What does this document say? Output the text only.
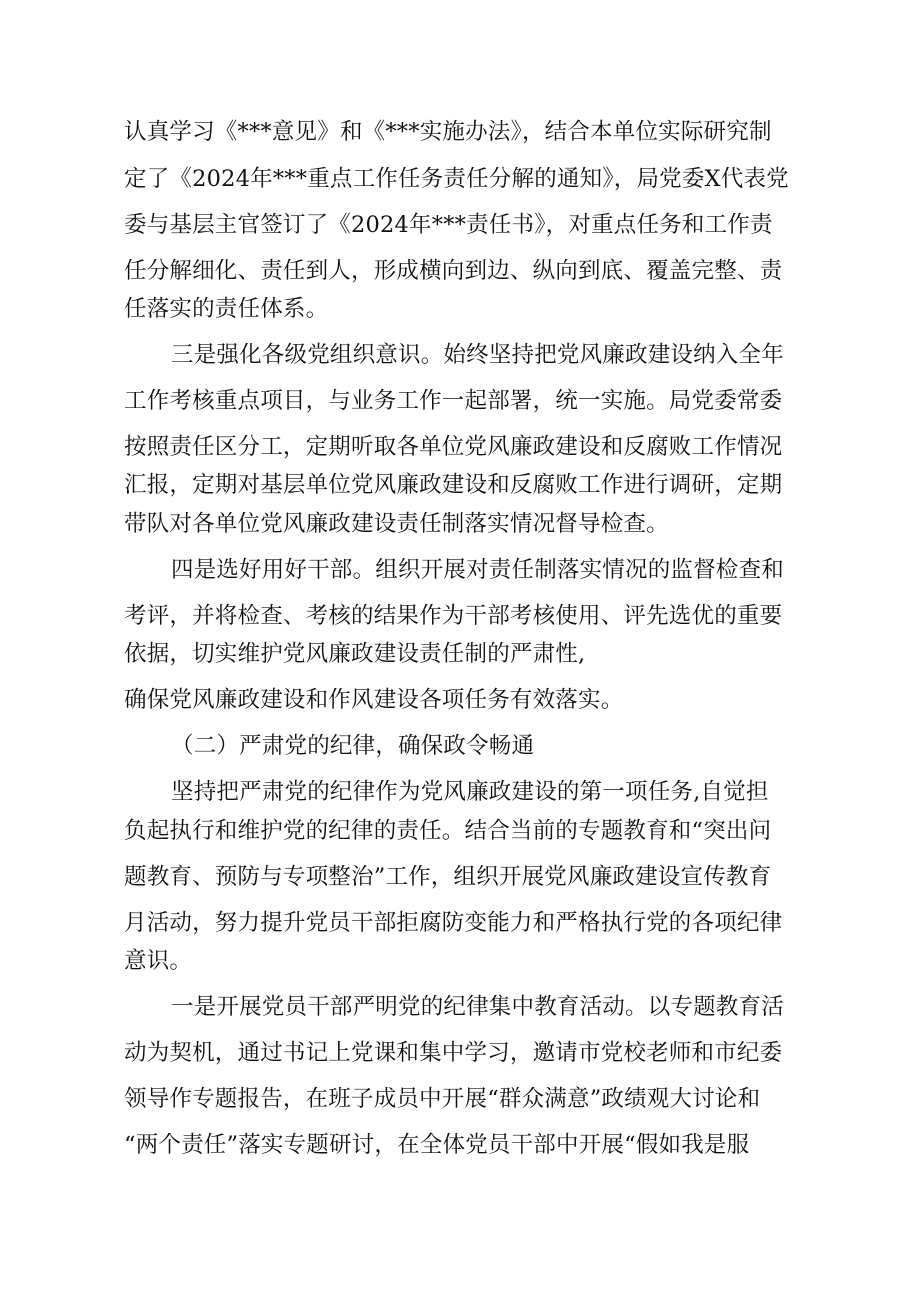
认真学习《***意见》和《***实施办法》，结合本单位实际研究制
定了《2024年***重点工作任务责任分解的通知》，局党委X代表党
委与基层主官签订了《2024年***责任书》，对重点任务和工作责
任分解细化、责任到人，形成横向到边、纵向到底、覆盖完整、责
任落实的责任体系。
三是强化各级党组织意识。始终坚持把党风廉政建设纳入全年
工作考核重点项目，与业务工作一起部署，统一实施。局党委常委
按照责任区分工，定期听取各单位党风廉政建设和反腐败工作情况
汇报，定期对基层单位党风廉政建设和反腐败工作进行调研，定期
带队对各单位党风廉政建设责任制落实情况督导检查。
四是选好用好干部。组织开展对责任制落实情况的监督检查和
考评，并将检查、考核的结果作为干部考核使用、评先选优的重要
依据，切实维护党风廉政建设责任制的严肃性,
确保党风廉政建设和作风建设各项任务有效落实。
（二）严肃党的纪律，确保政令畅通
坚持把严肃党的纪律作为党风廉政建设的第一项任务,自觉担
负起执行和维护党的纪律的责任。结合当前的专题教育和“突出问
题教育、预防与专项整治”工作，组织开展党风廉政建设宣传教育
月活动，努力提升党员干部拒腐防变能力和严格执行党的各项纪律
意识。
一是开展党员干部严明党的纪律集中教育活动。以专题教育活
动为契机，通过书记上党课和集中学习，邀请市党校老师和市纪委
领导作专题报告，在班子成员中开展“群众满意”政绩观大讨论和
“两个责任”落实专题研讨，在全体党员干部中开展“假如我是服
